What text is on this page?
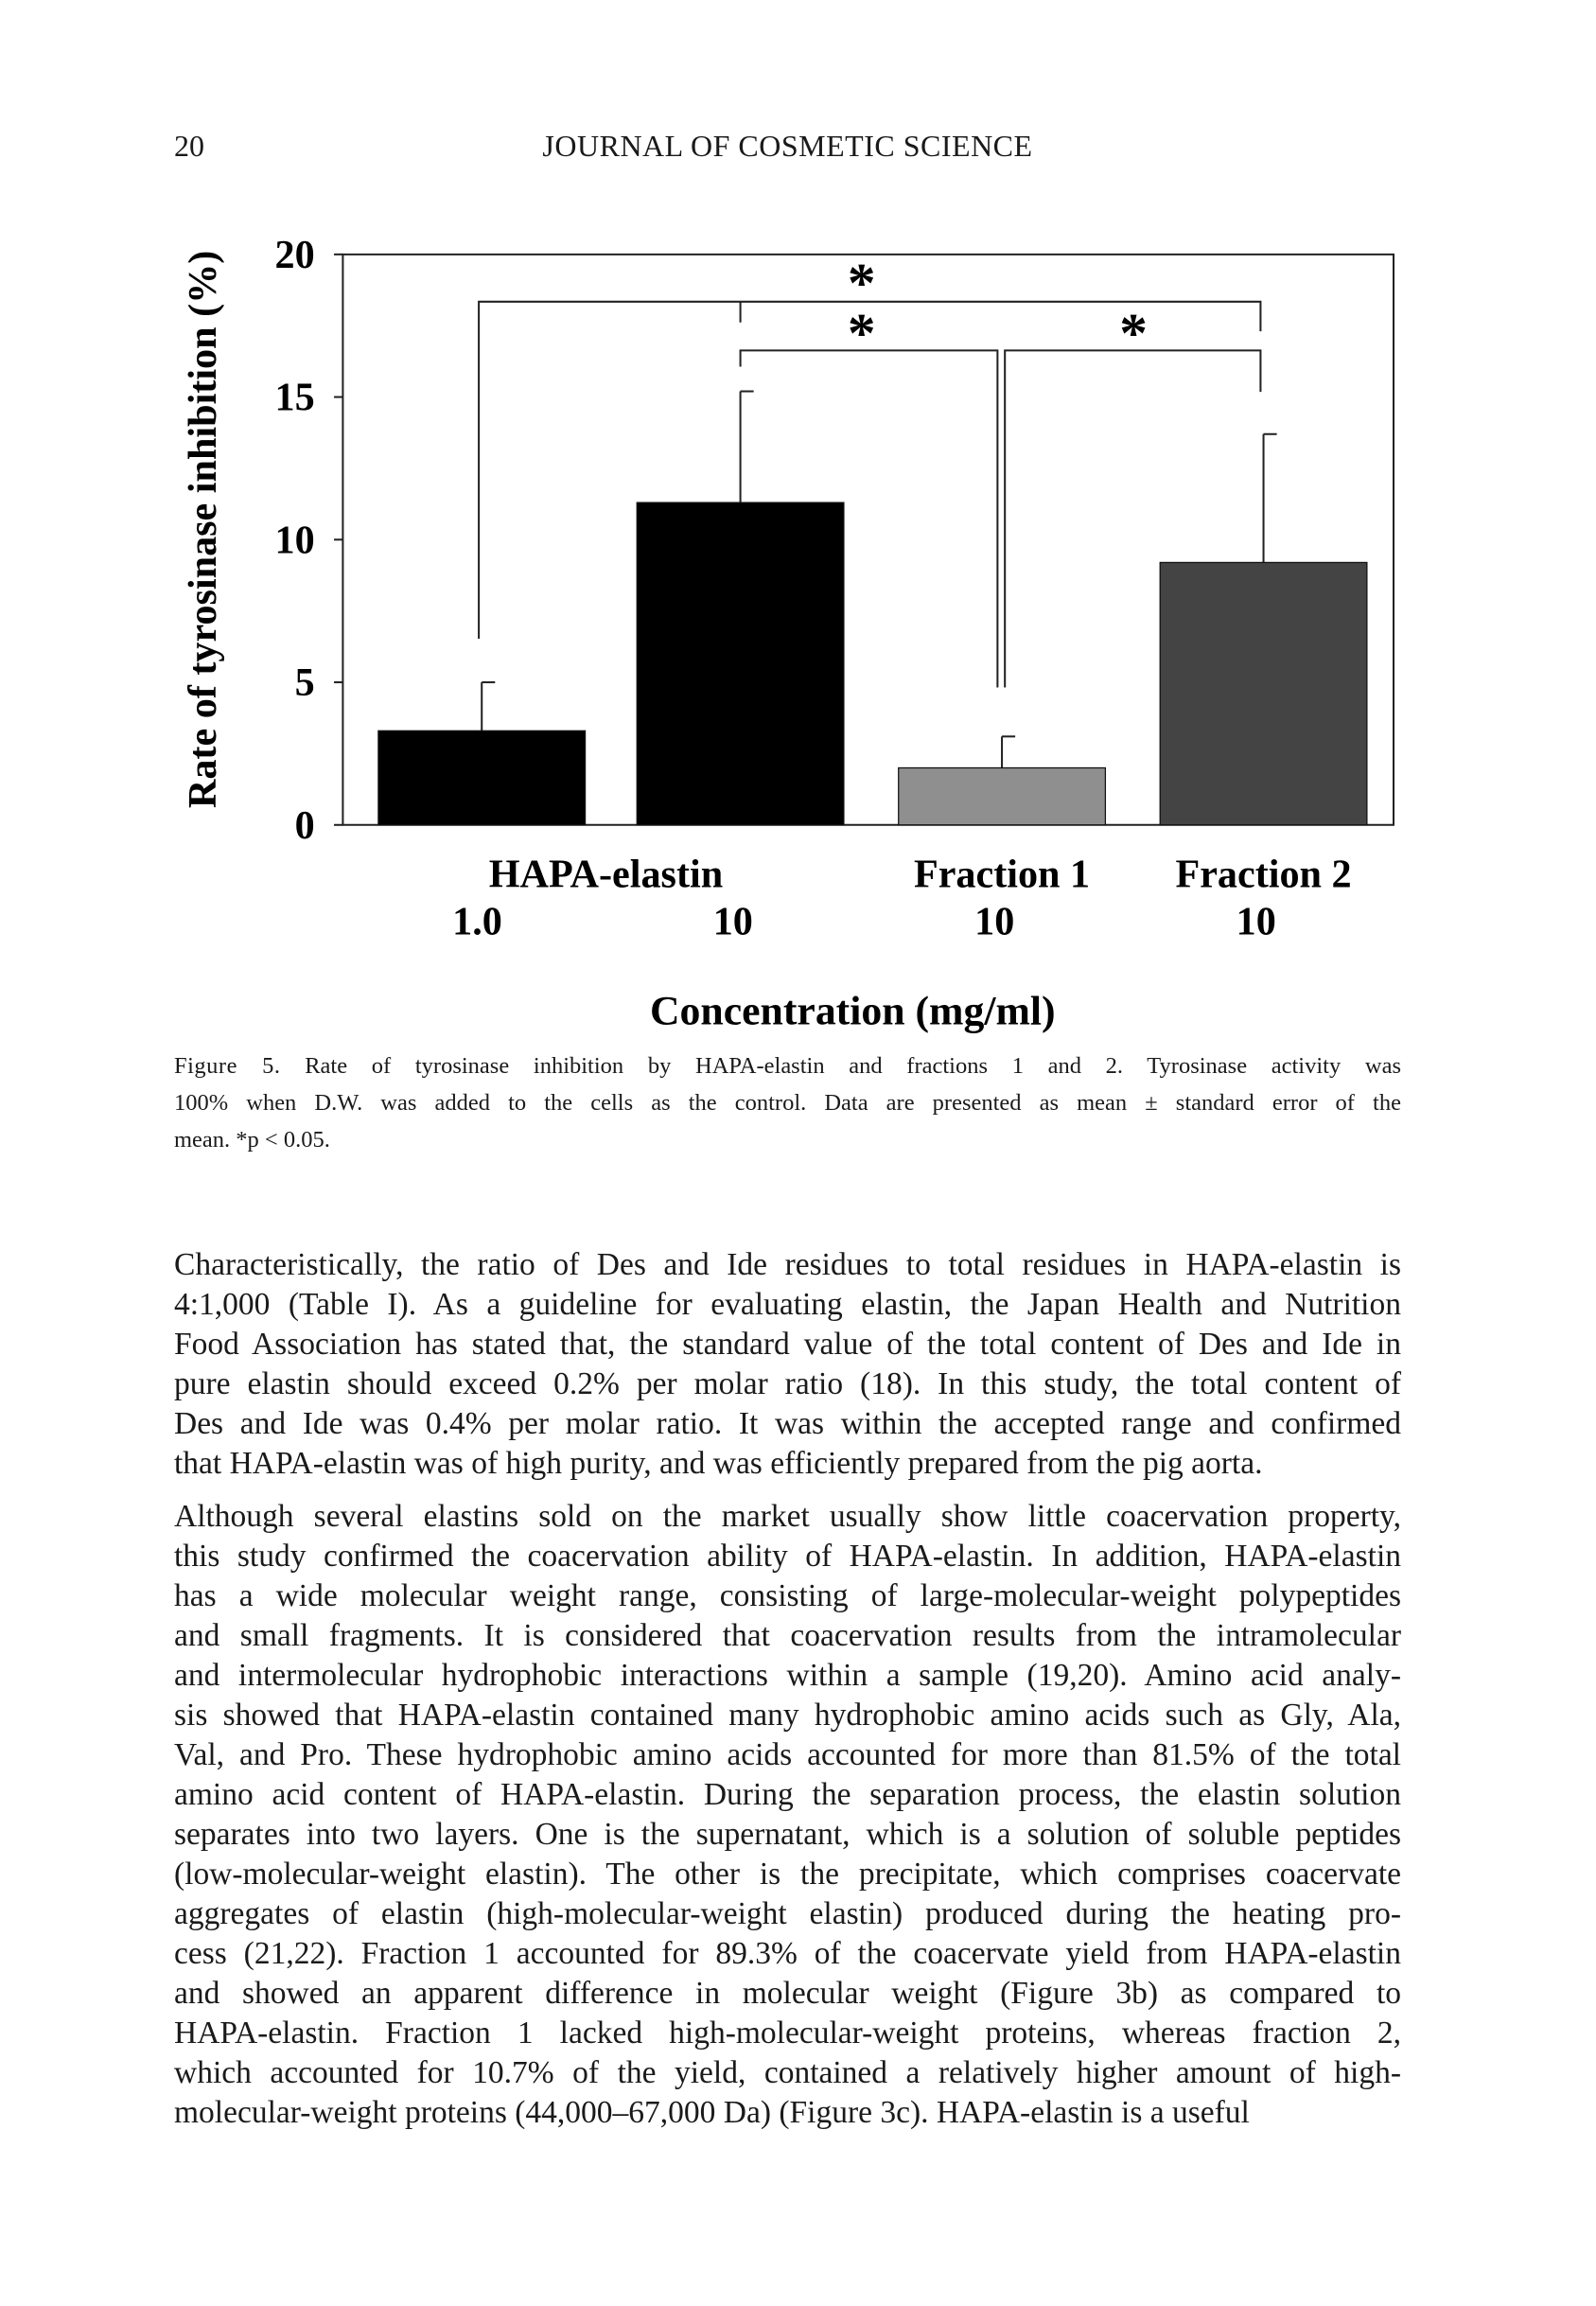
20	JOURNAL OF COSMETIC SCIENCE
0
5
10
15
20
1.0	10	10	10
HAPA-elastin	Fraction 1	Fraction 2
*
*	*
Concentration (mg/ml)
Rate of tyrosinase inhibition (%)
Figure 5. Rate of tyrosinase inhibition by HAPA-elastin and fractions 1 and 2. Tyrosinase activity was
100% when D.W. was added to the cells as the control. Data are presented as mean ± standard error of the
mean. *p < 0.05.
Characteristically, the ratio of Des and Ide residues to total residues in HAPA-elastin is
4:1,000 (Table I). As a guideline for evaluating elastin, the Japan Health and Nutrition
Food Association has stated that, the standard value of the total content of Des and Ide in
pure elastin should exceed 0.2% per molar ratio (18). In this study, the total content of
Des and Ide was 0.4% per molar ratio. It was within the accepted range and confirmed
that HAPA-elastin was of high purity, and was efficiently prepared from the pig aorta.
Although several elastins sold on the market usually show little coacervation property,
this study confirmed the coacervation ability of HAPA-elastin. In addition, HAPA-elastin
has a wide molecular weight range, consisting of large-molecular-weight polypeptides
and small fragments. It is considered that coacervation results from the intramolecular
and intermolecular hydrophobic interactions within a sample (19,20). Amino acid analy-
sis showed that HAPA-elastin contained many hydrophobic amino acids such as Gly, Ala,
Val, and Pro. These hydrophobic amino acids accounted for more than 81.5% of the total
amino acid content of HAPA-elastin. During the separation process, the elastin solution
separates into two layers. One is the supernatant, which is a solution of soluble peptides
(low-molecular-weight elastin). The other is the precipitate, which comprises coacervate
aggregates of elastin (high-molecular-weight elastin) produced during the heating pro-
cess (21,22). Fraction 1 accounted for 89.3% of the coacervate yield from HAPA-elastin
and showed an apparent difference in molecular weight (Figure 3b) as compared to
HAPA-elastin. Fraction 1 lacked high-molecular-weight proteins, whereas fraction 2,
which accounted for 10.7% of the yield, contained a relatively higher amount of high-
molecular-weight proteins (44,000–67,000 Da) (Figure 3c). HAPA-elastin is a useful
